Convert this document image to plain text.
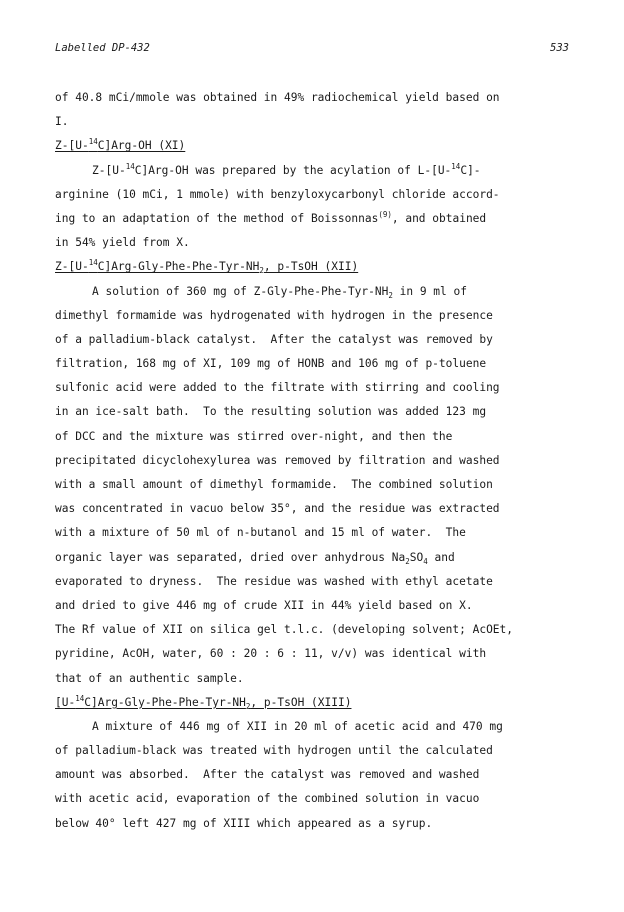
Labelled DP-432	533
of 40.8 mCi/mmole was obtained in 49% radiochemical yield based on
I.
Z-[U-$^{14}$C]Arg-OH (XI)
Z-[U-$^{14}$C]Arg-OH was prepared by the acylation of L-[U-$^{14}$C]-
arginine (10 mCi, 1 mmole) with benzyloxycarbonyl chloride accord-
ing to an adaptation of the method of Boissonnas$^{(9)}$, and obtained
in 54% yield from X.
$Z-[U-^{14}C]Arg-Gly-Phe-Phe-Tyr-NH_2$, p-TsOH (XII)
A solution of 360 mg of $Z-Gly-Phe-Phe-Tyr-NH_2$ in 9 ml of
dimethyl formamide was hydrogenated with hydrogen in the presence
of a palladium-black catalyst.  After the catalyst was removed by
filtration, 168 mg of XI, 109 mg of HONB and 106 mg of p-toluene
sulfonic acid were added to the filtrate with stirring and cooling
in an ice-salt bath.  To the resulting solution was added 123 mg
of DCC and the mixture was stirred over-night, and then the
precipitated dicyclohexylurea was removed by filtration and washed
with a small amount of dimethyl formamide.  The combined solution
was concentrated in vacuo below 35°, and the residue was extracted
with a mixture of 50 ml of n-butanol and 15 ml of water.  The
organic layer was separated, dried over anhydrous $Na_2SO_4$ and
evaporated to dryness.  The residue was washed with ethyl acetate
and dried to give 446 mg of crude XII in 44% yield based on X.
The Rf value of XII on silica gel t.l.c. (developing solvent; AcOEt,
pyridine, AcOH, water, 60 : 20 : 6 : 11, v/v) was identical with
that of an authentic sample.
$[U-^{14}C]Arg-Gly-Phe-Phe-Tyr-NH_2$, p-TsOH (XIII)
A mixture of 446 mg of XII in 20 ml of acetic acid and 470 mg
of palladium-black was treated with hydrogen until the calculated
amount was absorbed.  After the catalyst was removed and washed
with acetic acid, evaporation of the combined solution in vacuo
below 40° left 427 mg of XIII which appeared as a syrup.
